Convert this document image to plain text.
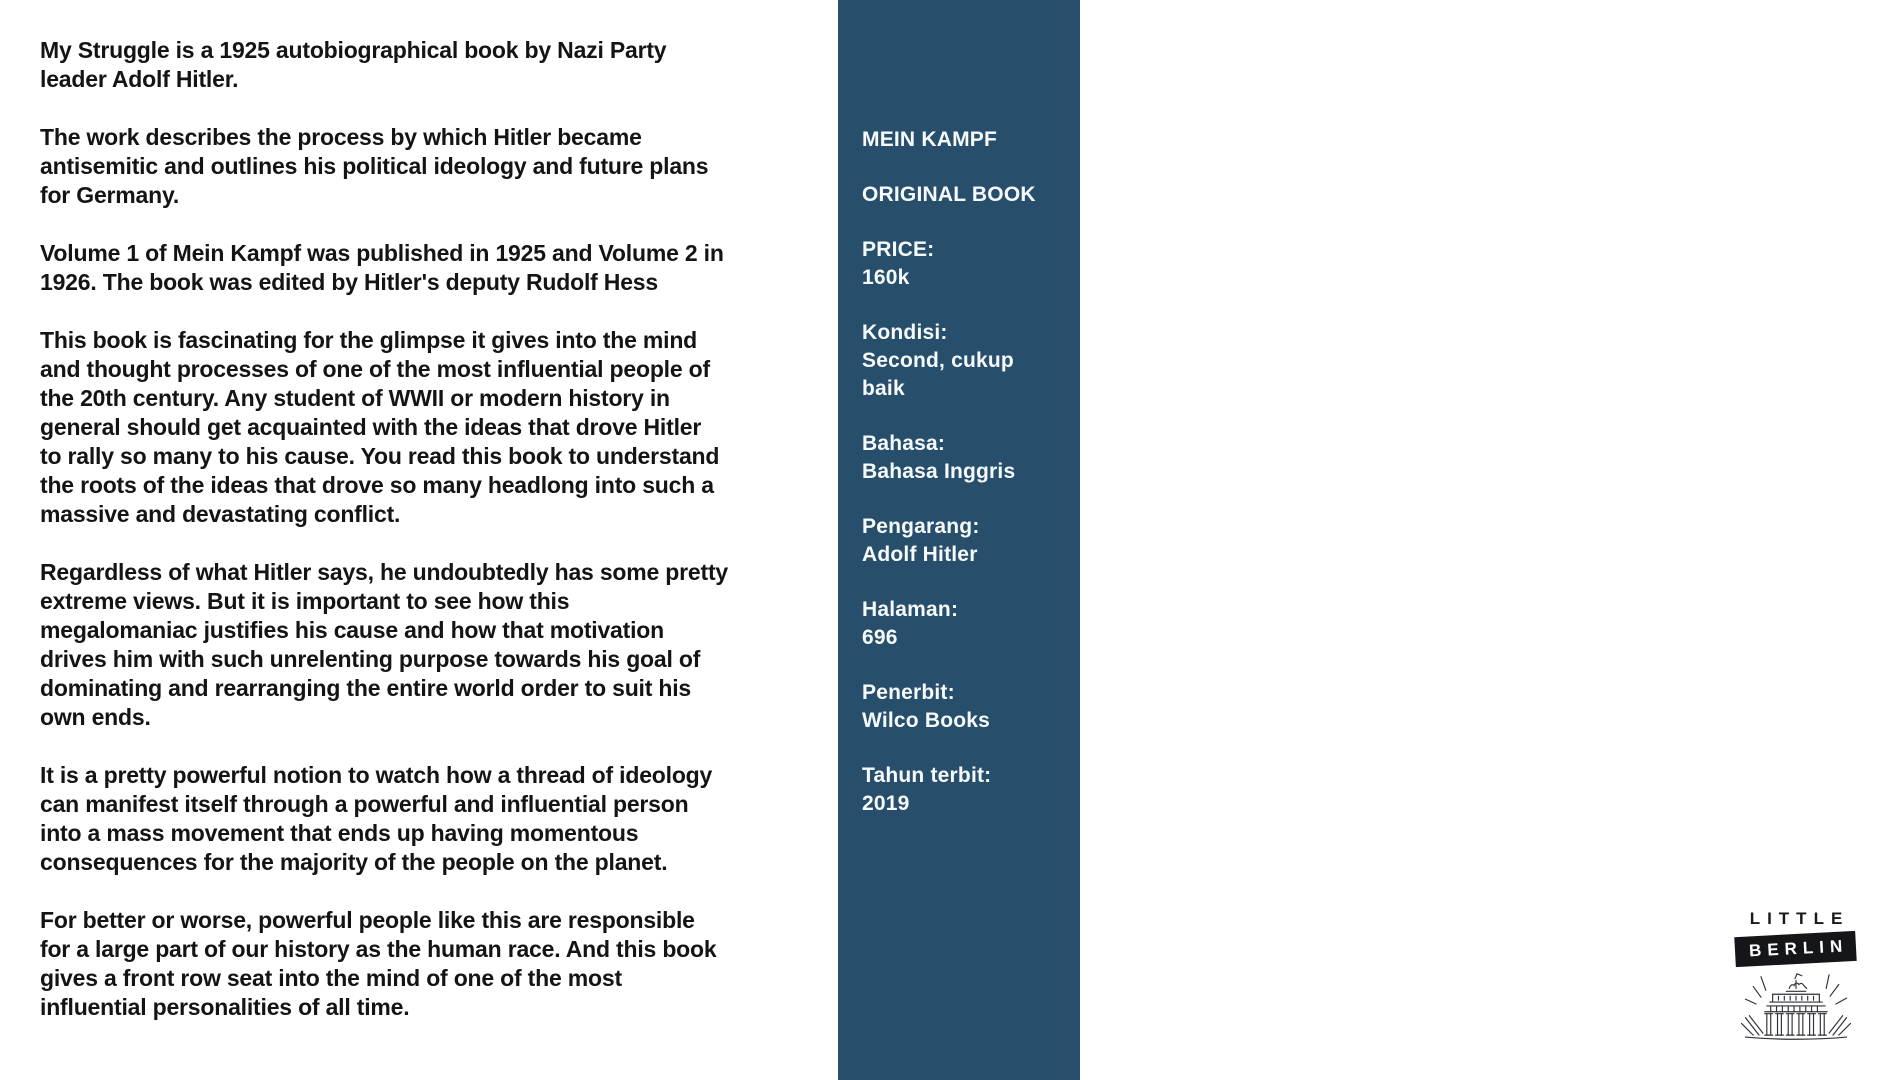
My Struggle is a 1925 autobiographical book by Nazi Party
leader Adolf Hitler.
The work describes the process by which Hitler became
antisemitic and outlines his political ideology and future plans
for Germany.
Volume 1 of Mein Kampf was published in 1925 and Volume 2 in
1926. The book was edited by Hitler's deputy Rudolf Hess
This book is fascinating for the glimpse it gives into the mind
and thought processes of one of the most influential people of
the 20th century. Any student of WWII or modern history in
general should get acquainted with the ideas that drove Hitler
to rally so many to his cause. You read this book to understand
the roots of the ideas that drove so many headlong into such a
massive and devastating conflict.
Regardless of what Hitler says, he undoubtedly has some pretty
extreme views. But it is important to see how this
megalomaniac justifies his cause and how that motivation
drives him with such unrelenting purpose towards his goal of
dominating and rearranging the entire world order to suit his
own ends.
It is a pretty powerful notion to watch how a thread of ideology
can manifest itself through a powerful and influential person
into a mass movement that ends up having momentous
consequences for the majority of the people on the planet.
For better or worse, powerful people like this are responsible
for a large part of our history as the human race. And this book
gives a front row seat into the mind of one of the most
influential personalities of all time.
MEIN KAMPF
ORIGINAL BOOK
PRICE:
160k
Kondisi:
Second, cukup baik
Bahasa:
Bahasa Inggris
Pengarang:
Adolf Hitler
Halaman:
696
Penerbit:
Wilco Books
Tahun terbit:
2019
LITTLE
BERLIN
